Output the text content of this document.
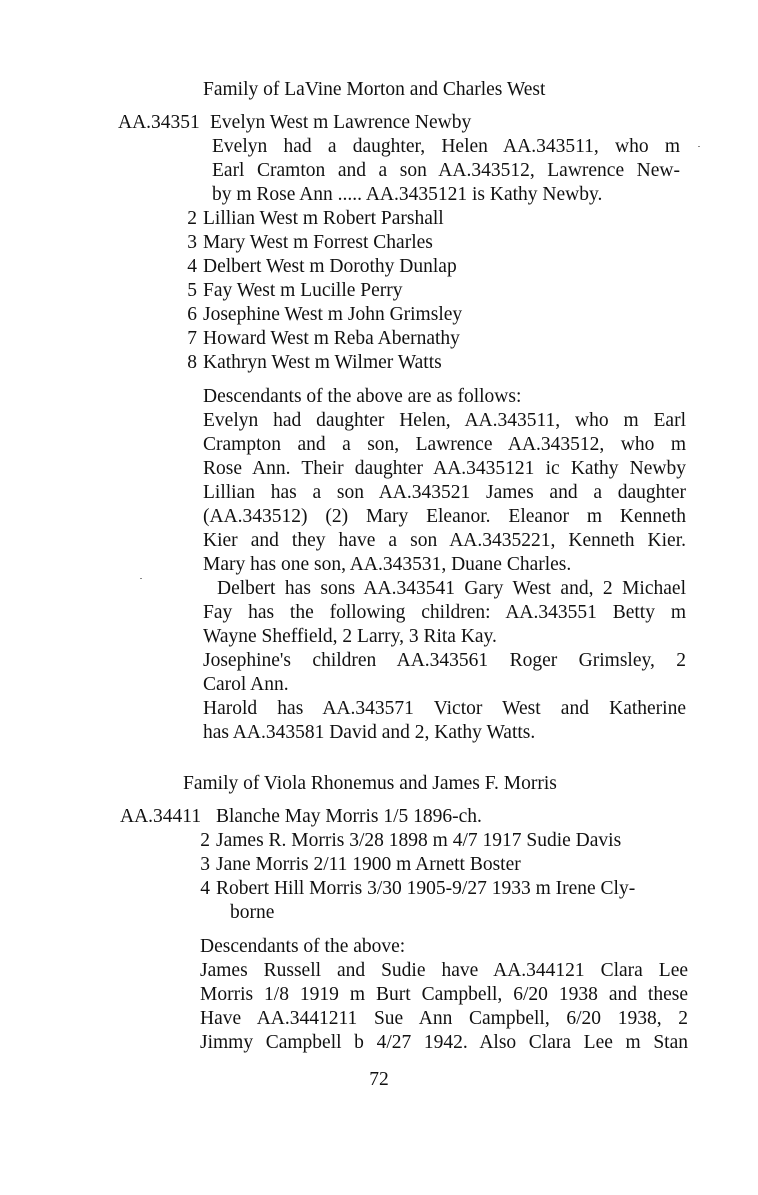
Family of LaVine Morton and Charles West
AA.34351 Evelyn West m Lawrence Newby
Evelyn had a daughter, Helen AA.343511, who m
Earl Cramton and a son AA.343512, Lawrence New-
by m Rose Ann ..... AA.3435121 is Kathy Newby.
2 Lillian West m Robert Parshall
3 Mary West m Forrest Charles
4 Delbert West m Dorothy Dunlap
5 Fay West m Lucille Perry
6 Josephine West m John Grimsley
7 Howard West m Reba Abernathy
8 Kathryn West m Wilmer Watts
Descendants of the above are as follows:
Evelyn had daughter Helen, AA.343511, who m Earl
Crampton and a son, Lawrence AA.343512, who m
Rose Ann. Their daughter AA.3435121 ic Kathy Newby
Lillian has a son AA.343521 James and a daughter
(AA.343512) (2) Mary Eleanor. Eleanor m Kenneth
Kier and they have a son AA.3435221, Kenneth Kier.
Mary has one son, AA.343531, Duane Charles.
Delbert has sons AA.343541 Gary West and, 2 Michael
Fay has the following children: AA.343551 Betty m
Wayne Sheffield, 2 Larry, 3 Rita Kay.
Josephine's children AA.343561 Roger Grimsley, 2
Carol Ann.
Harold has AA.343571 Victor West and Katherine
has AA.343581 David and 2, Kathy Watts.
Family of Viola Rhonemus and James F. Morris
AA.34411 Blanche May Morris 1/5 1896-ch.
2 James R. Morris 3/28 1898 m 4/7 1917 Sudie Davis
3 Jane Morris 2/11 1900 m Arnett Boster
4 Robert Hill Morris 3/30 1905-9/27 1933 m Irene Cly-
borne
Descendants of the above:
James Russell and Sudie have AA.344121 Clara Lee
Morris 1/8 1919 m Burt Campbell, 6/20 1938 and these
Have AA.3441211 Sue Ann Campbell, 6/20 1938, 2
Jimmy Campbell b 4/27 1942. Also Clara Lee m Stan
72
